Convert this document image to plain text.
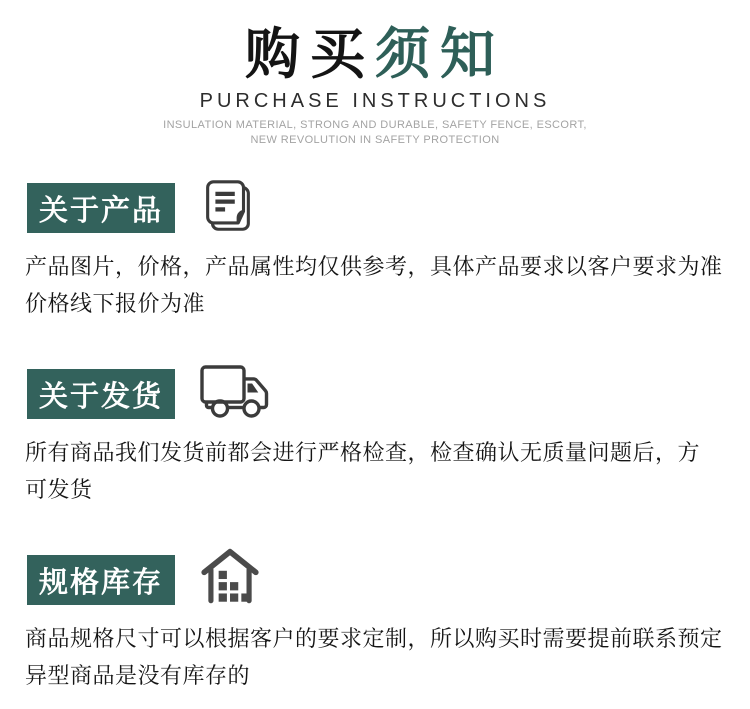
购买须知
PURCHASE INSTRUCTIONS
INSULATION MATERIAL, STRONG AND DURABLE, SAFETY FENCE, ESCORT,
NEW REVOLUTION IN SAFETY PROTECTION
关于产品
产品图片，价格，产品属性均仅供参考，具体产品要求以客户要求为准
价格线下报价为准
关于发货
所有商品我们发货前都会进行严格检查，检查确认无质量问题后，方
可发货
规格库存
商品规格尺寸可以根据客户的要求定制，所以购买时需要提前联系预定
异型商品是没有库存的
